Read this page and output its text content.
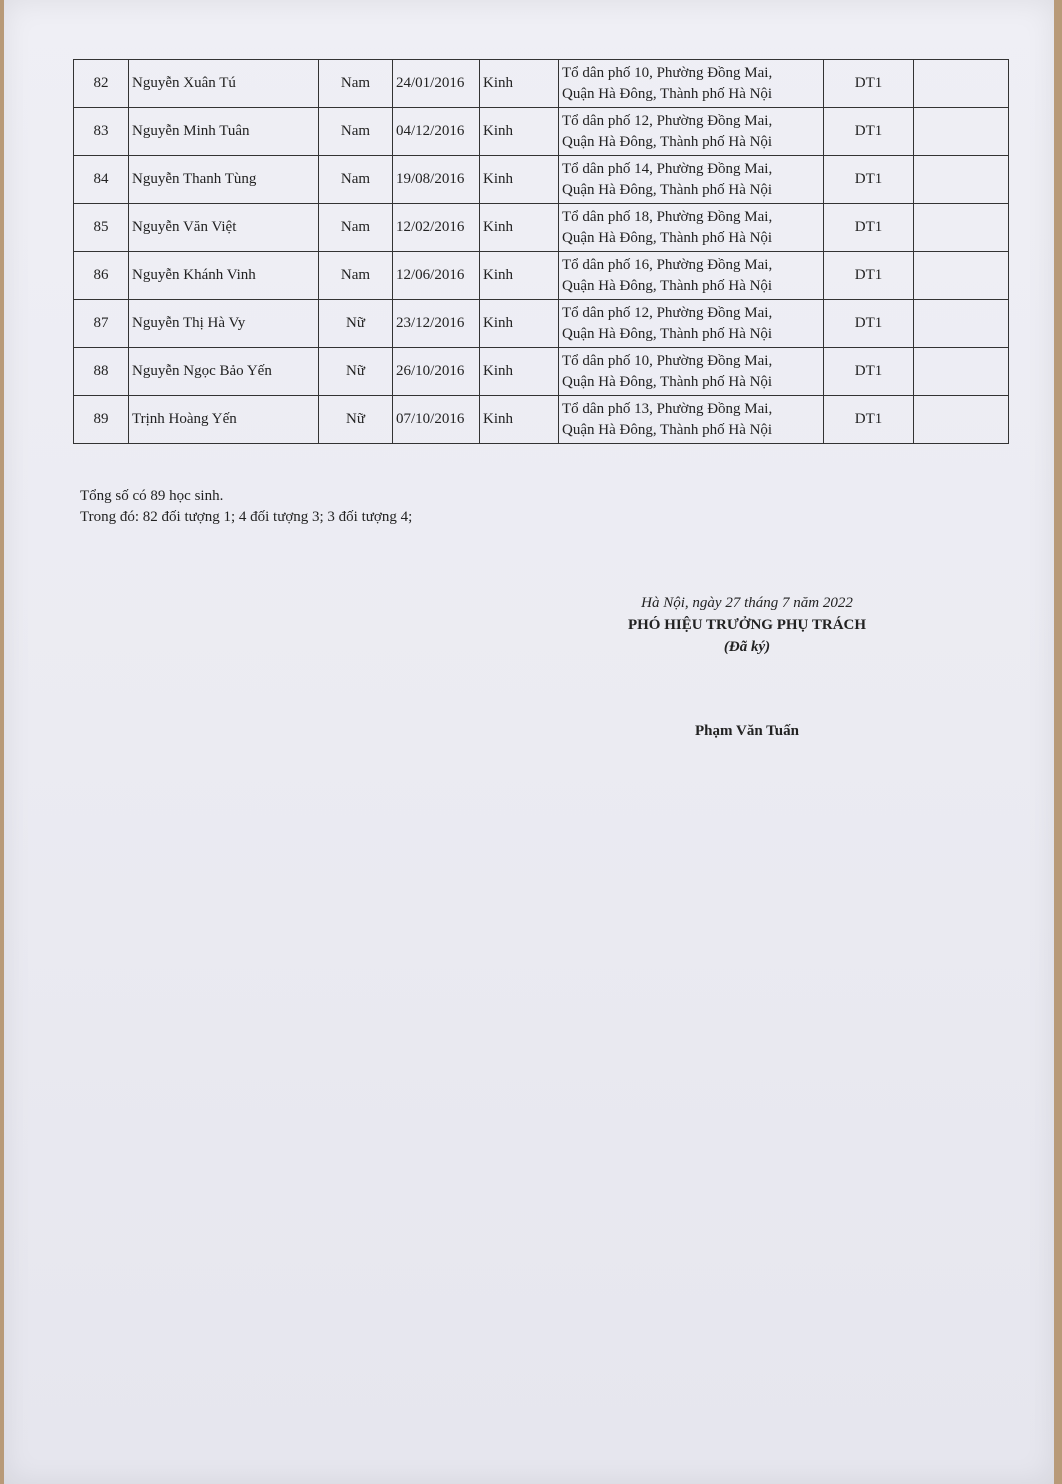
82	Nguyễn Xuân Tú	Nam	24/01/2016	Kinh	Tổ dân phố 10, Phường Đồng Mai,
Quận Hà Đông, Thành phố Hà Nội	DT1	
83	Nguyễn Minh Tuân	Nam	04/12/2016	Kinh	Tổ dân phố 12, Phường Đồng Mai,
Quận Hà Đông, Thành phố Hà Nội	DT1	
84	Nguyễn Thanh Tùng	Nam	19/08/2016	Kinh	Tổ dân phố 14, Phường Đồng Mai,
Quận Hà Đông, Thành phố Hà Nội	DT1	
85	Nguyễn Văn Việt	Nam	12/02/2016	Kinh	Tổ dân phố 18, Phường Đồng Mai,
Quận Hà Đông, Thành phố Hà Nội	DT1	
86	Nguyễn Khánh Vinh	Nam	12/06/2016	Kinh	Tổ dân phố 16, Phường Đồng Mai,
Quận Hà Đông, Thành phố Hà Nội	DT1	
87	Nguyễn Thị Hà Vy	Nữ	23/12/2016	Kinh	Tổ dân phố 12, Phường Đồng Mai,
Quận Hà Đông, Thành phố Hà Nội	DT1	
88	Nguyễn Ngọc Bảo Yến	Nữ	26/10/2016	Kinh	Tổ dân phố 10, Phường Đồng Mai,
Quận Hà Đông, Thành phố Hà Nội	DT1	
89	Trịnh Hoàng Yến	Nữ	07/10/2016	Kinh	Tổ dân phố 13, Phường Đồng Mai,
Quận Hà Đông, Thành phố Hà Nội	DT1	
Tổng số có 89 học sinh.
Trong đó: 82 đối tượng 1; 4 đối tượng 3; 3 đối tượng 4;
Hà Nội, ngày 27 tháng 7 năm 2022
PHÓ HIỆU TRƯỞNG PHỤ TRÁCH
(Đã ký)
Phạm Văn Tuấn
